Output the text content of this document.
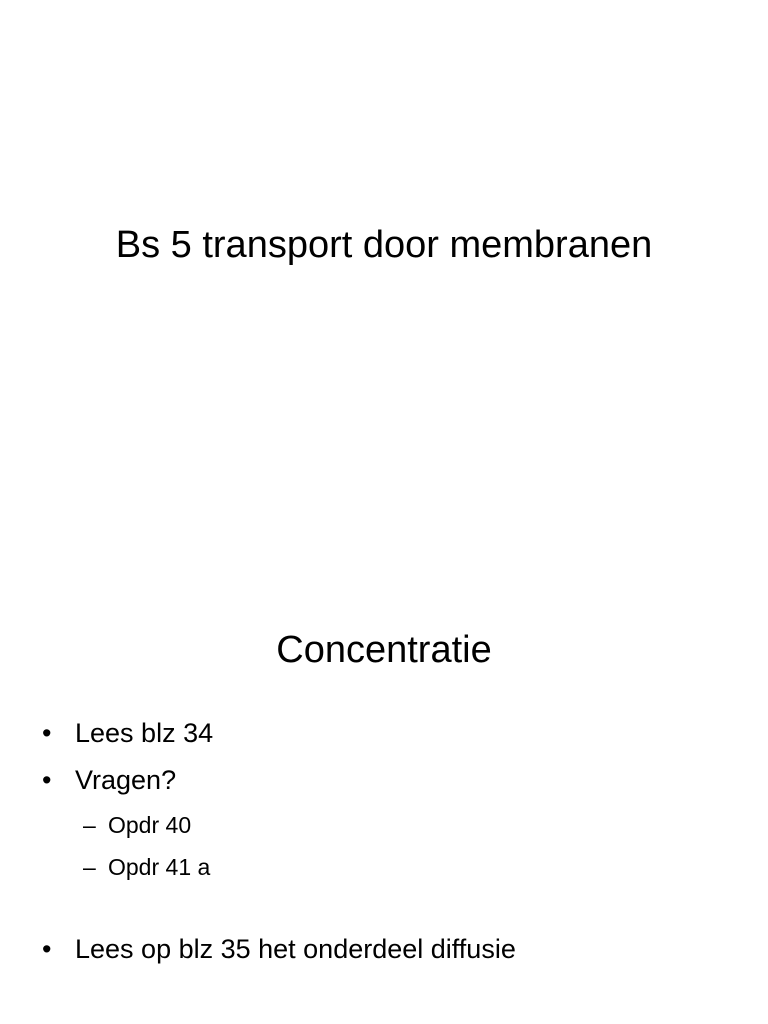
Bs 5 transport door membranen
Concentratie
• Lees blz 34
• Vragen?
– Opdr 40
– Opdr 41 a
• Lees op blz 35 het onderdeel diffusie
